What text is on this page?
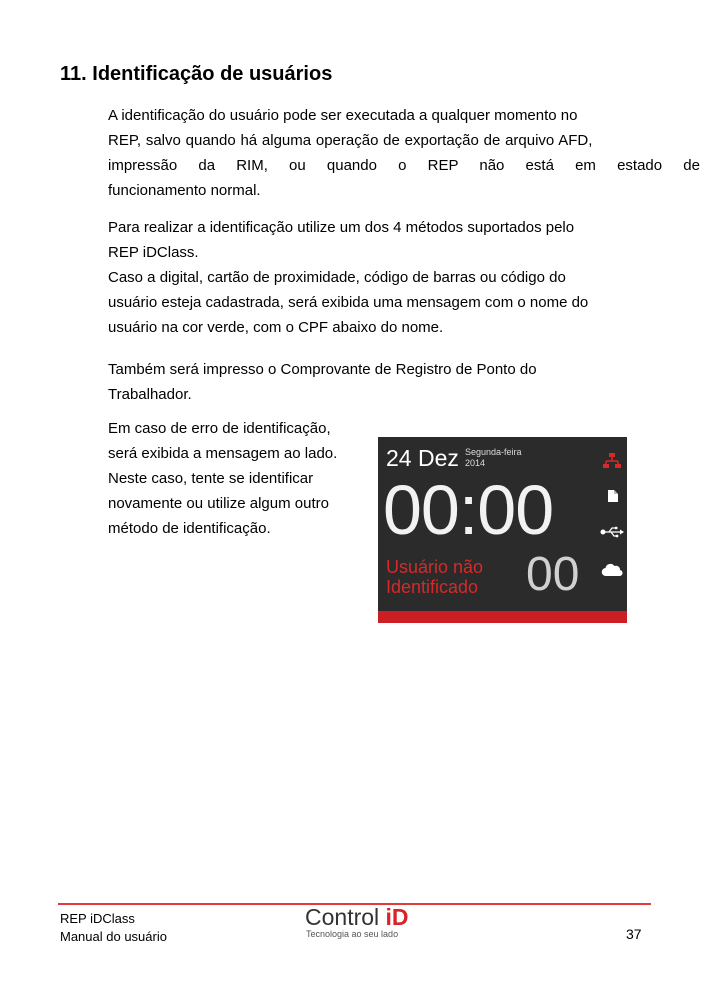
11. Identificação de usuários

A identificação do usuário pode ser executada a qualquer momento no
REP, salvo quando há alguma operação de exportação de arquivo AFD,
impressão da RIM, ou quando o REP não está em estado de
funcionamento normal.

Para realizar a identificação utilize um dos 4 métodos suportados pelo
REP iDClass.

Caso a digital, cartão de proximidade, código de barras ou código do
usuário esteja cadastrada, será exibida uma mensagem com o nome do
usuário na cor verde, com o CPF abaixo do nome.

Também será impresso o Comprovante de Registro de Ponto do
Trabalhador.

Em caso de erro de identificação,
será exibida a mensagem ao lado.
Neste caso, tente se identificar
novamente ou utilize algum outro
método de identificação.

24 Dez Segunda-feira
2014
00:00
Usuário não
Identificado 00

REP iDClass
Manual do usuário

Control iD
Tecnologia ao seu lado	37
